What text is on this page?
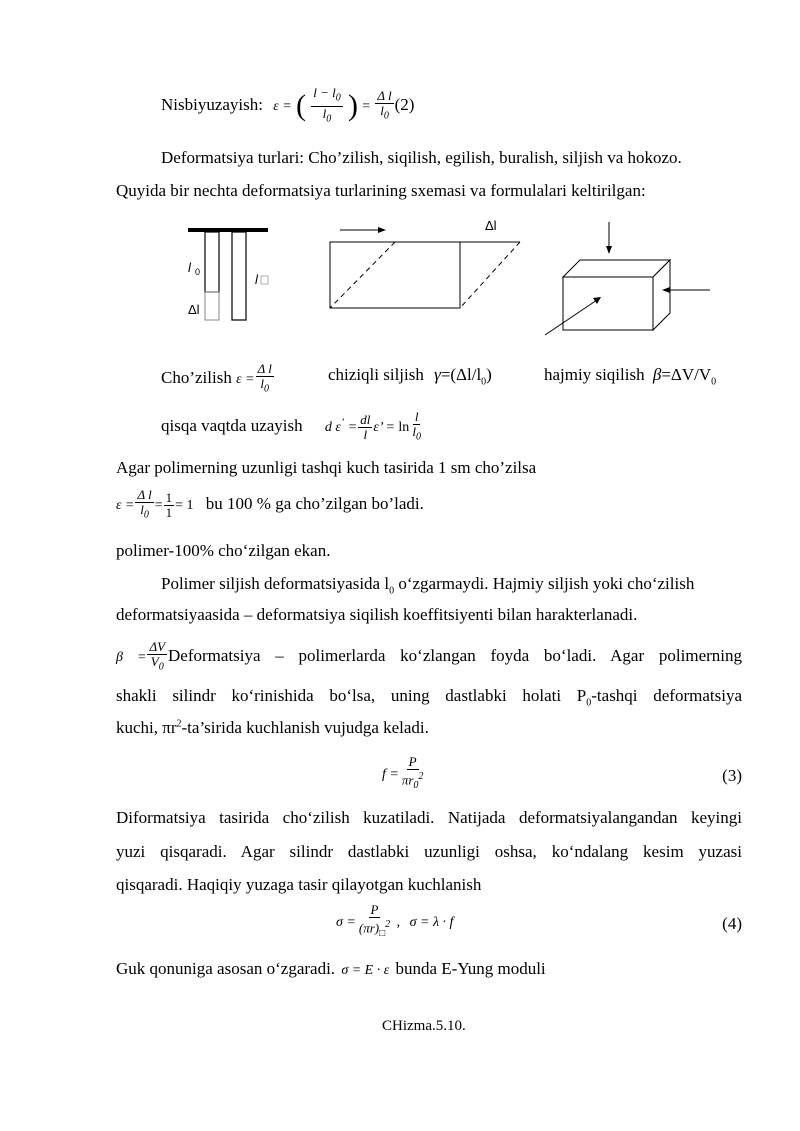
Nisbiyuzayish: ε = ( $\frac{l - l_0}{l_0}$ ) = $\frac{\text{Δ l}}{l_0} (2)$
Deformatsiya turlari: Cho’zilish, siqilish, egilish, buralish, siljish va hokozo.
Quyida bir nechta deformatsiya turlarining sxemasi va formulalari keltirilgan:
l 0
Δl
l
Δl
Cho’zilish $\varepsilon = \frac{\text{Δ l}}{l_0}$	chiziqli siljish $\gamma=(\Delta l/l_0)$	hajmiy siqilish $\beta=\Delta V/V_0$
qisqa vaqtda uzayish d $\varepsilon^’ = \frac{dl}{l} \varepsilon$’ = $\ln \frac{l}{l_0}$
Agar polimerning uzunligi tashqi kuch tasirida 1 sm cho’zilsa
$\varepsilon = \frac{\text{Δ l}}{l_0} = \frac{1}{1} = 1$ bu 100 % ga cho’zilgan bo’ladi.
polimer-100% cho‘zilgan ekan.
Polimer siljish deformatsiyasida $l_0$ o‘zgarmaydi. Hajmiy siljish yoki cho‘zilish
deformatsiyaasida – deformatsiya siqilish koeffitsiyenti bilan harakterlanadi.
$\beta = \frac{\Delta V}{V_0}$ Deformatsiya – polimerlarda ko‘zlangan foyda bo‘ladi. Agar polimerning
shakli silindr ko‘rinishida bo‘lsa, uning dastlabki holati $P_0$-tashqi deformatsiya
kuchi, $\pi r^2-ta’sirida$ kuchlanish vujudga keladi.
$f = \frac{P}{\pi r_0^2}$	(3)
Diformatsiya tasirida cho‘zilish kuzatiladi. Natijada deformatsiyalangandan keyingi
yuzi qisqaradi. Agar silindr dastlabki uzunligi oshsa, ko‘ndalang kesim yuzasi
qisqaradi. Haqiqiy yuzaga tasir qilayotgan kuchlanish
$\sigma = \frac{P}{(\pi r)_□^2}$ , σ = λ · f	(4)
Guk qonuniga asosan o‘zgaradi. σ = E · ε bunda E-Yung moduli
CHizma.5.10.
